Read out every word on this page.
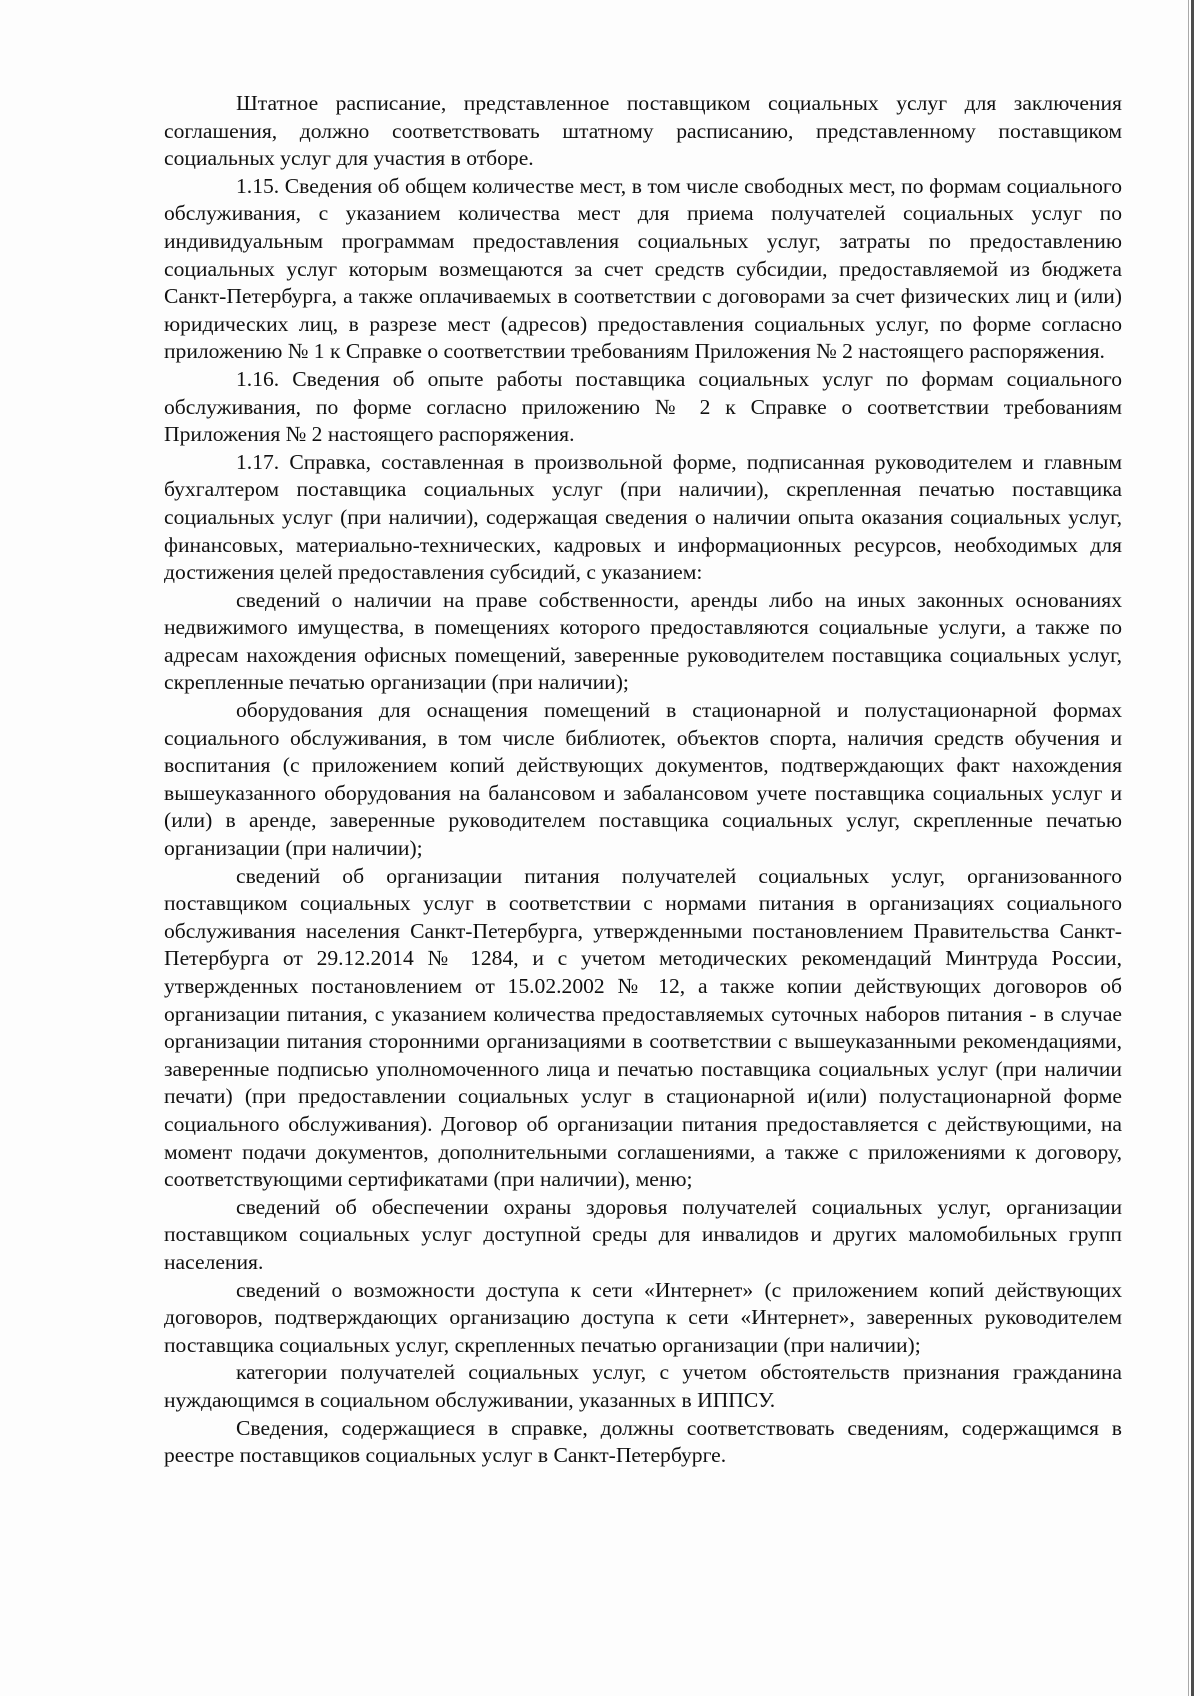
Штатное расписание, представленное поставщиком социальных услуг для заключения соглашения, должно соответствовать штатному расписанию, представленному поставщиком социальных услуг для участия в отборе.

1.15. Сведения об общем количестве мест, в том числе свободных мест, по формам социального обслуживания, с указанием количества мест для приема получателей социальных услуг по индивидуальным программам предоставления социальных услуг, затраты по предоставлению социальных услуг которым возмещаются за счет средств субсидии, предоставляемой из бюджета Санкт-Петербурга, а также оплачиваемых в соответствии с договорами за счет физических лиц и (или) юридических лиц, в разрезе мест (адресов) предоставления социальных услуг, по форме согласно приложению № 1 к Справке о соответствии требованиям Приложения № 2 настоящего распоряжения.

1.16. Сведения об опыте работы поставщика социальных услуг по формам социального обслуживания, по форме согласно приложению № 2 к Справке о соответствии требованиям Приложения № 2 настоящего распоряжения.

1.17. Справка, составленная в произвольной форме, подписанная руководителем и главным бухгалтером поставщика социальных услуг (при наличии), скрепленная печатью поставщика социальных услуг (при наличии), содержащая сведения о наличии опыта оказания социальных услуг, финансовых, материально-технических, кадровых и информационных ресурсов, необходимых для достижения целей предоставления субсидий, с указанием:

сведений о наличии на праве собственности, аренды либо на иных законных основаниях недвижимого имущества, в помещениях которого предоставляются социальные услуги, а также по адресам нахождения офисных помещений, заверенные руководителем поставщика социальных услуг, скрепленные печатью организации (при наличии);

оборудования для оснащения помещений в стационарной и полустационарной формах социального обслуживания, в том числе библиотек, объектов спорта, наличия средств обучения и воспитания (с приложением копий действующих документов, подтверждающих факт нахождения вышеуказанного оборудования на балансовом и забалансовом учете поставщика социальных услуг и (или) в аренде, заверенные руководителем поставщика социальных услуг, скрепленные печатью организации (при наличии);

сведений об организации питания получателей социальных услуг, организованного поставщиком социальных услуг в соответствии с нормами питания в организациях социального обслуживания населения Санкт-Петербурга, утвержденными постановлением Правительства Санкт-Петербурга от 29.12.2014 № 1284, и с учетом методических рекомендаций Минтруда России, утвержденных постановлением от 15.02.2002 № 12, а также копии действующих договоров об организации питания, с указанием количества предоставляемых суточных наборов питания - в случае организации питания сторонними организациями в соответствии с вышеуказанными рекомендациями, заверенные подписью уполномоченного лица и печатью поставщика социальных услуг (при наличии печати) (при предоставлении социальных услуг в стационарной и(или) полустационарной форме социального обслуживания). Договор об организации питания предоставляется с действующими, на момент подачи документов, дополнительными соглашениями, а также с приложениями к договору, соответствующими сертификатами (при наличии), меню;

сведений об обеспечении охраны здоровья получателей социальных услуг, организации поставщиком социальных услуг доступной среды для инвалидов и других маломобильных групп населения.

сведений о возможности доступа к сети «Интернет» (с приложением копий действующих договоров, подтверждающих организацию доступа к сети «Интернет», заверенных руководителем поставщика социальных услуг, скрепленных печатью организации (при наличии);

категории получателей социальных услуг, с учетом обстоятельств признания гражданина нуждающимся в социальном обслуживании, указанных в ИППСУ.

Сведения, содержащиеся в справке, должны соответствовать сведениям, содержащимся в реестре поставщиков социальных услуг в Санкт-Петербурге.
